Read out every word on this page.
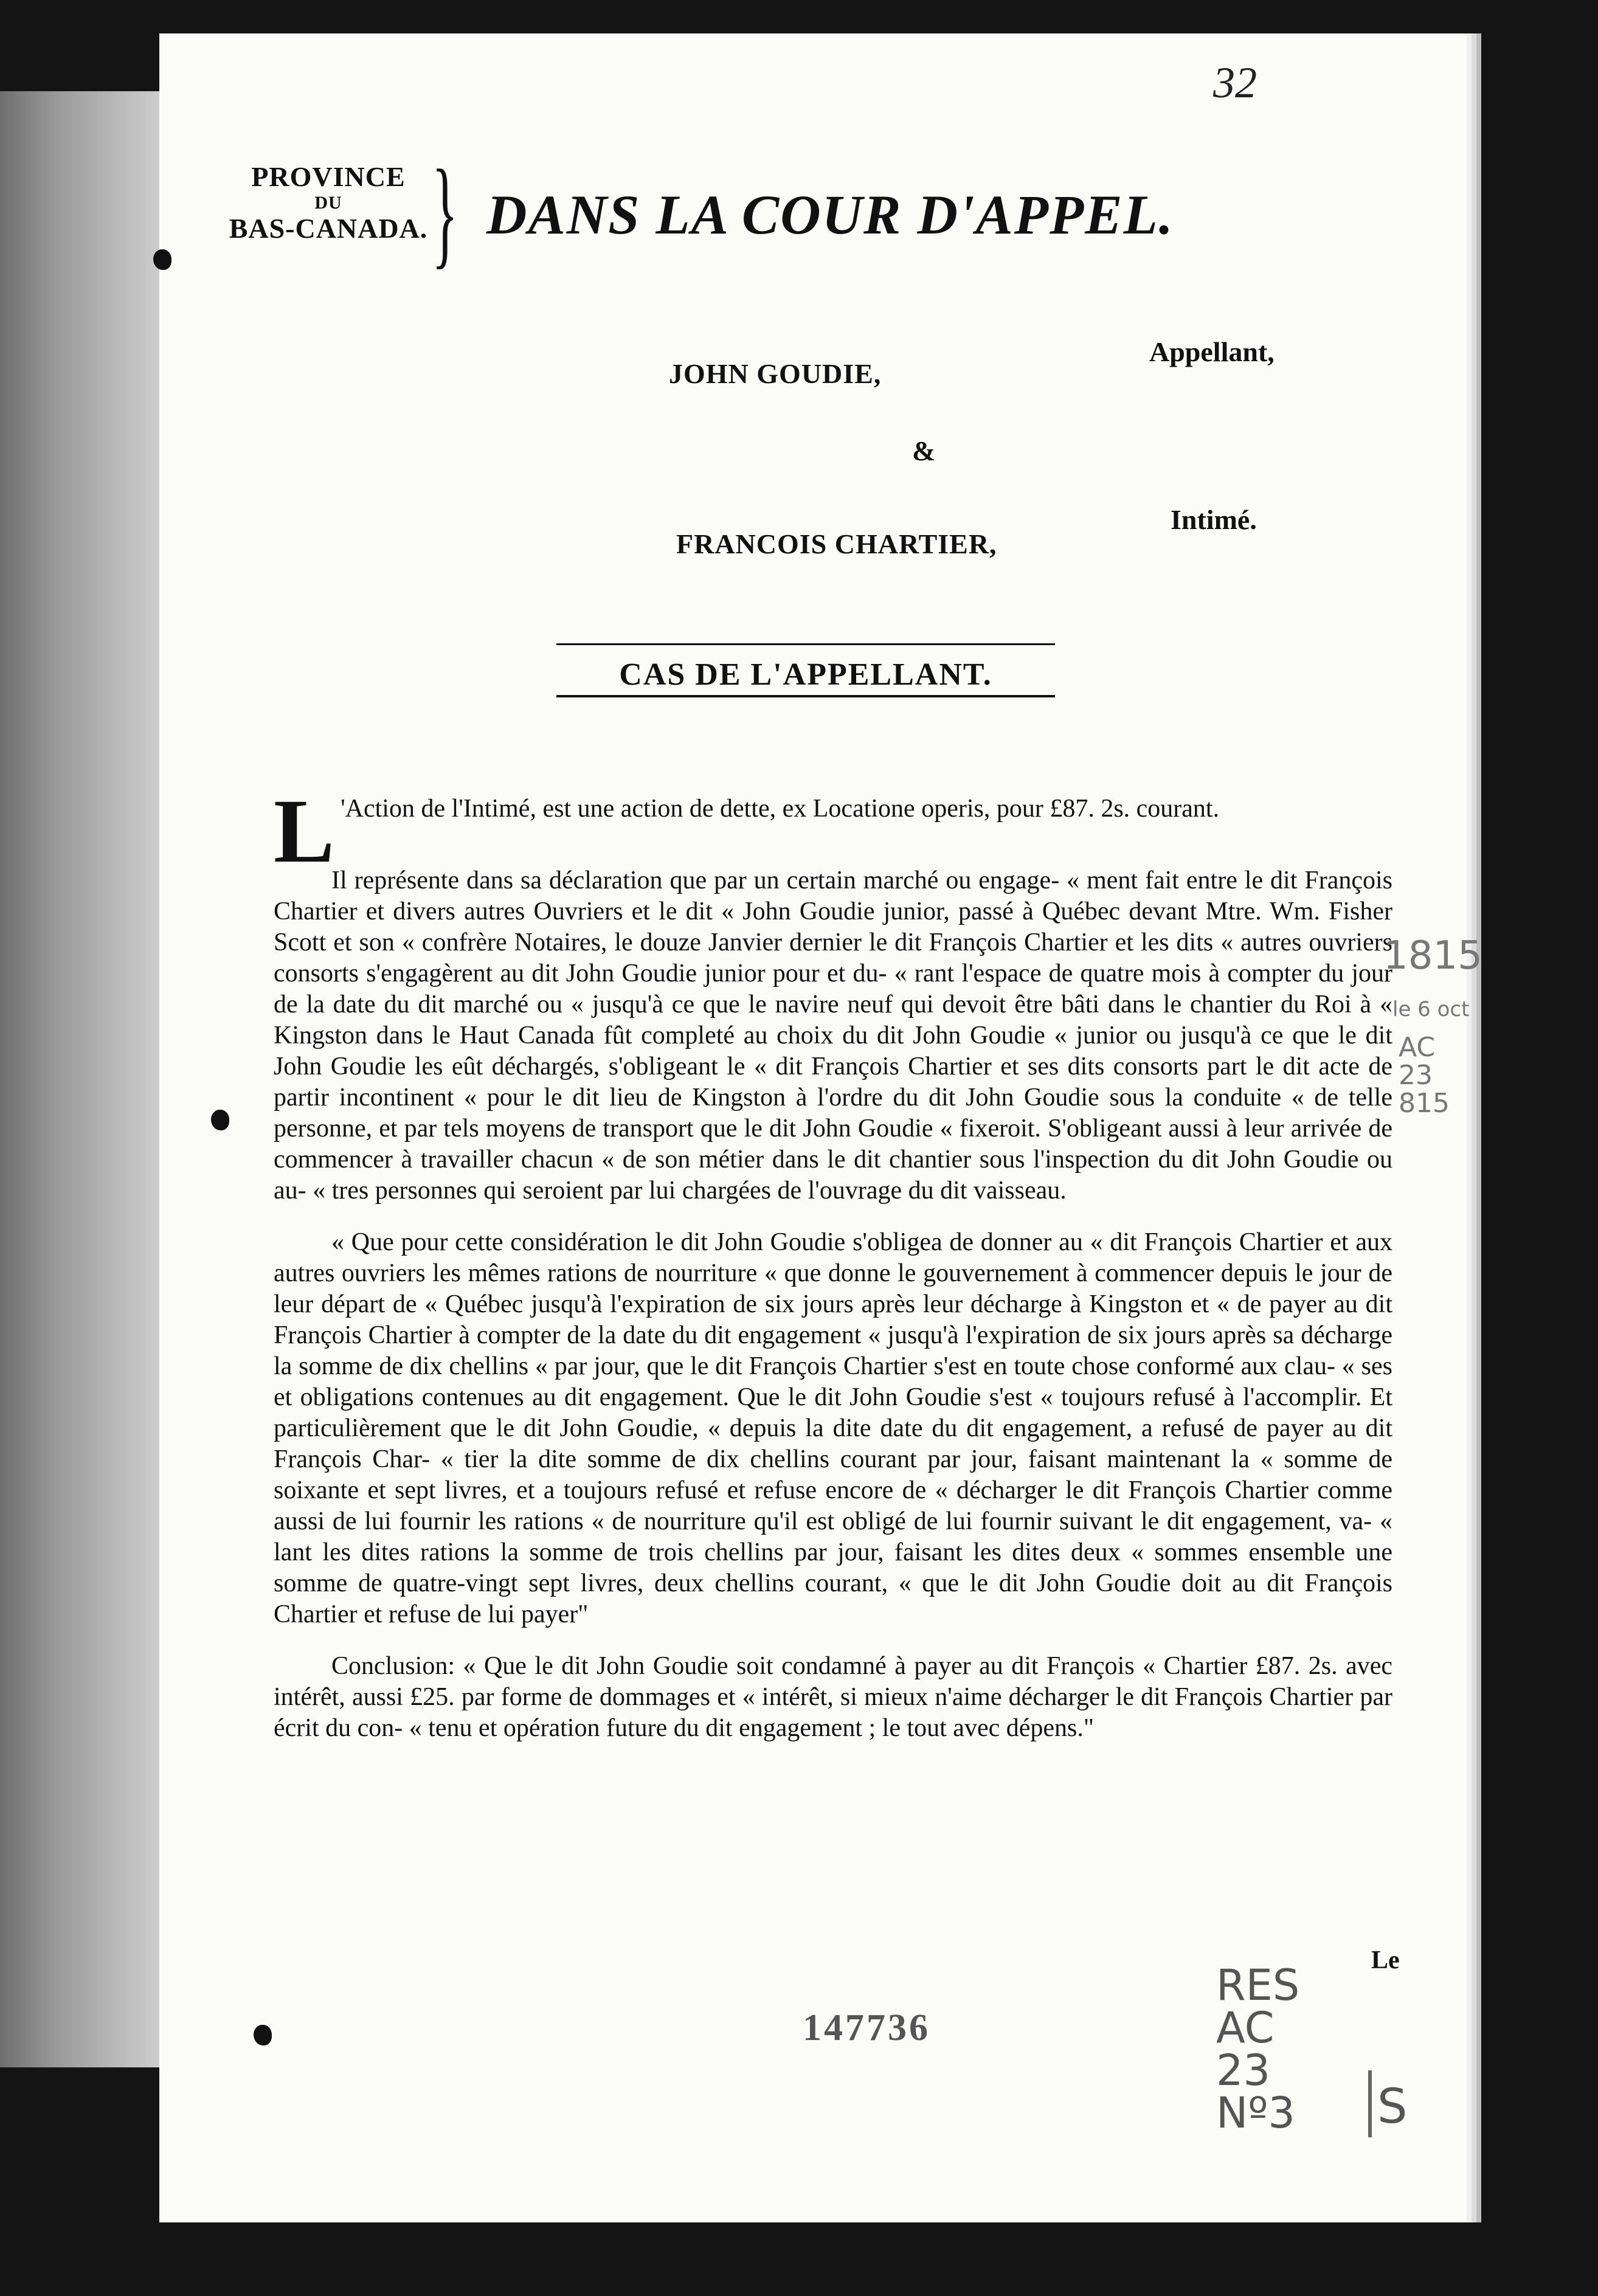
32
PROVINCE
DU
BAS-CANADA. } DANS LA COUR D'APPEL.
JOHN GOUDIE,
Appellant,
&
FRANCOIS CHARTIER,
Intimé.
CAS DE L'APPELLANT.

L 'Action de l'Intimé, est une action de dette, ex Locatione operis, pour £87. 2s. courant.

Il représente dans sa déclaration que par un certain marché ou engage- « ment fait entre le dit François Chartier et divers autres Ouvriers et le dit « John Goudie junior, passé à Québec devant Mtre. Wm. Fisher Scott et son « confrère Notaires, le douze Janvier dernier le dit François Chartier et les dits « autres ouvriers consorts s'engagèrent au dit John Goudie junior pour et du- « rant l'espace de quatre mois à compter du jour de la date du dit marché ou « jusqu'à ce que le navire neuf qui devoit être bâti dans le chantier du Roi à « Kingston dans le Haut Canada fût completé au choix du dit John Goudie « junior ou jusqu'à ce que le dit John Goudie les eût déchargés, s'obligeant le « dit François Chartier et ses dits consorts part le dit acte de partir incontinent « pour le dit lieu de Kingston à l'ordre du dit John Goudie sous la conduite « de telle personne, et par tels moyens de transport que le dit John Goudie « fixeroit. S'obligeant aussi à leur arrivée de commencer à travailler chacun « de son métier dans le dit chantier sous l'inspection du dit John Goudie ou au- « tres personnes qui seroient par lui chargées de l'ouvrage du dit vaisseau.

« Que pour cette considération le dit John Goudie s'obligea de donner au « dit François Chartier et aux autres ouvriers les mêmes rations de nourriture « que donne le gouvernement à commencer depuis le jour de leur départ de « Québec jusqu'à l'expiration de six jours après leur décharge à Kingston et « de payer au dit François Chartier à compter de la date du dit engagement « jusqu'à l'expiration de six jours après sa décharge la somme de dix chellins « par jour, que le dit François Chartier s'est en toute chose conformé aux clau- « ses et obligations contenues au dit engagement. Que le dit John Goudie s'est « toujours refusé à l'accomplir. Et particulièrement que le dit John Goudie, « depuis la dite date du dit engagement, a refusé de payer au dit François Char- « tier la dite somme de dix chellins courant par jour, faisant maintenant la « somme de soixante et sept livres, et a toujours refusé et refuse encore de « décharger le dit François Chartier comme aussi de lui fournir les rations « de nourriture qu'il est obligé de lui fournir suivant le dit engagement, va- « lant les dites rations la somme de trois chellins par jour, faisant les dites deux « sommes ensemble une somme de quatre-vingt sept livres, deux chellins courant, « que le dit John Goudie doit au dit François Chartier et refuse de lui payer"

Conclusion: « Que le dit John Goudie soit condamné à payer au dit François « Chartier £87. 2s. avec intérêt, aussi £25. par forme de dommages et « intérêt, si mieux n'aime décharger le dit François Chartier par écrit du con- « tenu et opération future du dit engagement ; le tout avec dépens."

Le
147736
1815
le 6 oct
AC 23 815
RES AC 23 Nº3 S
